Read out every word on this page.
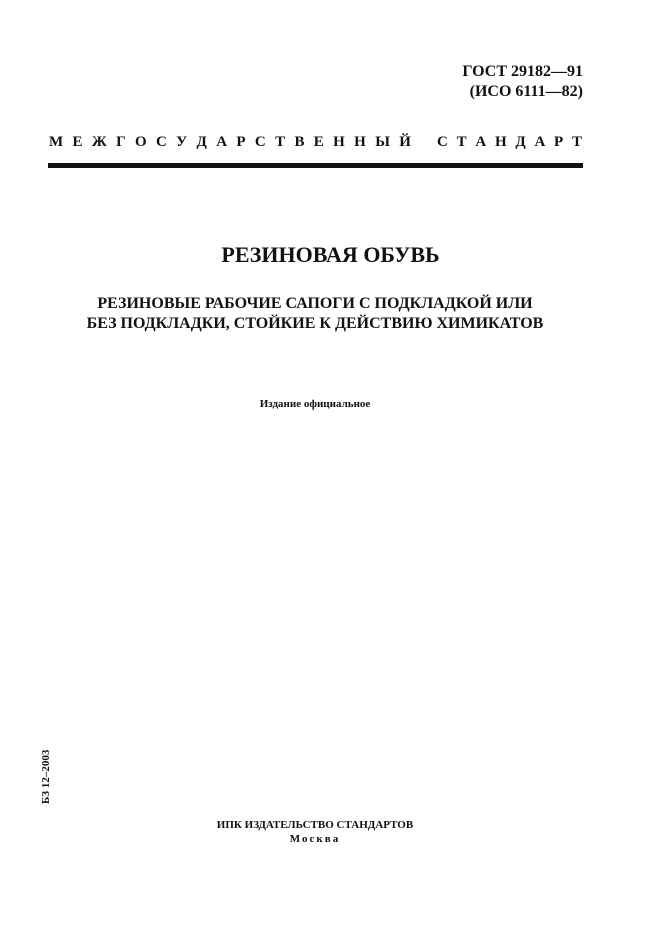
ГОСТ 29182—91
(ИСО 6111—82)
М Е Ж Г О С У Д А Р С Т В Е Н Н Ы Й С Т А Н Д А Р Т
РЕЗИНОВАЯ ОБУВЬ
РЕЗИНОВЫЕ РАБОЧИЕ САПОГИ С ПОДКЛАДКОЙ ИЛИ
БЕЗ ПОДКЛАДКИ, СТОЙКИЕ К ДЕЙСТВИЮ ХИМИКАТОВ
Издание официальное
БЗ 12–2003
ИПК ИЗДАТЕЛЬСТВО СТАНДАРТОВ
Москва
